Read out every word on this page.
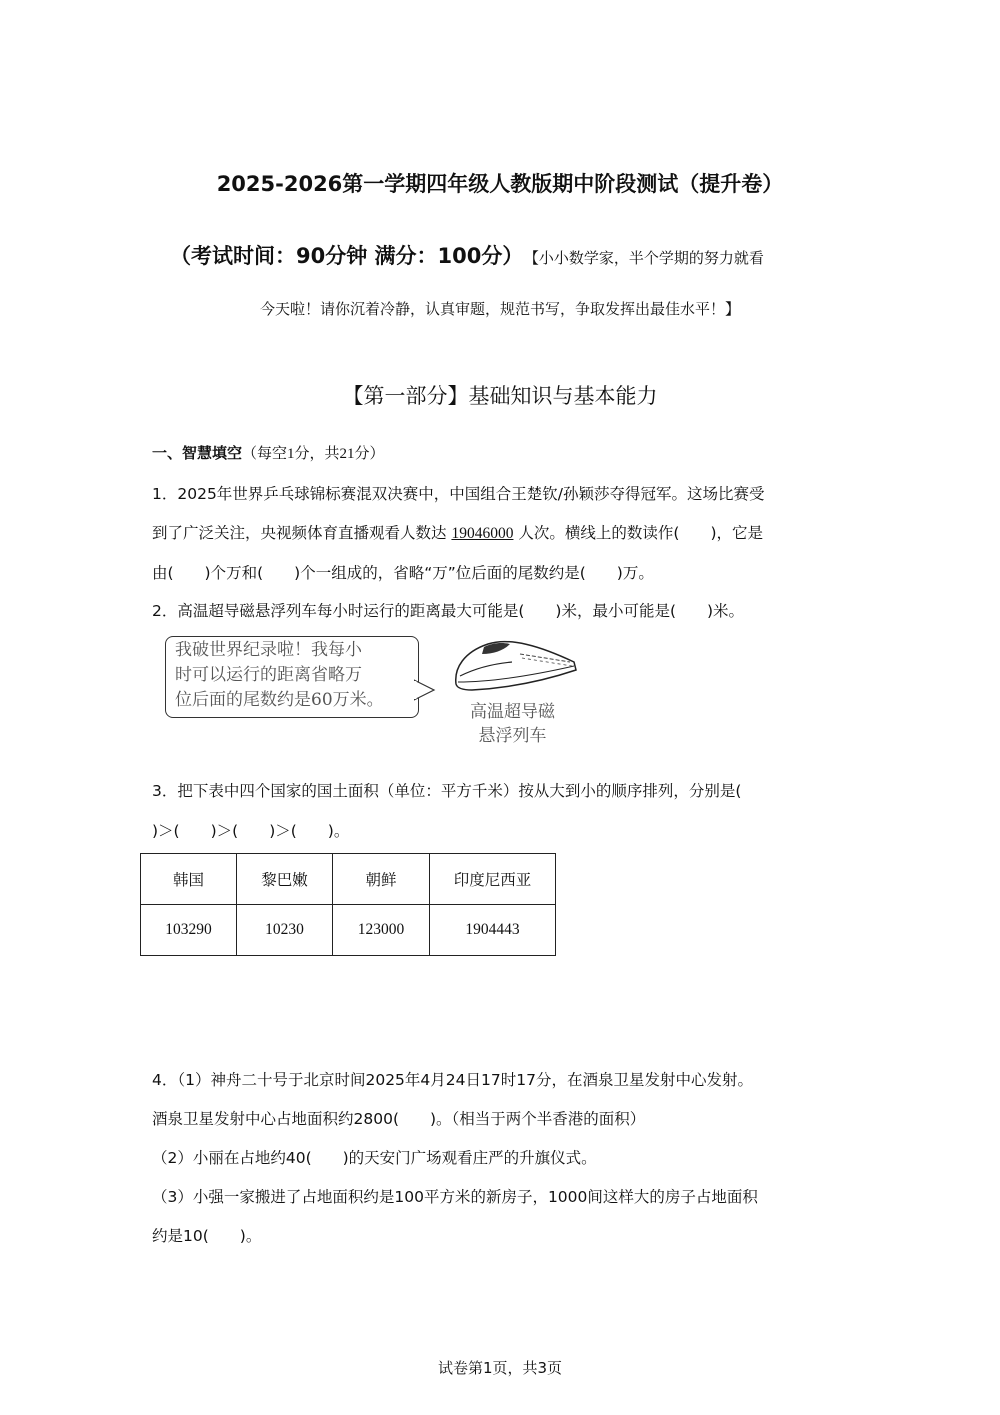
2025-2026第一学期四年级人教版期中阶段测试（提升卷）
（考试时间：90分钟 满分：100分） 【小小数学家，半个学期的努力就看
今天啦！请你沉着冷静，认真审题，规范书写，争取发挥出最佳水平！】
【第一部分】基础知识与基本能力
一、智慧填空（每空1分，共21分）
1．2025年世界乒乓球锦标赛混双决赛中，中国组合王楚钦/孙颖莎夺得冠军。这场比赛受
到了广泛关注，央视频体育直播观看人数达 19046000 人次。横线上的数读作(　　)，它是
由(　　)个万和(　　)个一组成的，省略“万”位后面的尾数约是(　　)万。
2．高温超导磁悬浮列车每小时运行的距离最大可能是(　　)米，最小可能是(　　)米。
我破世界纪录啦！我每小
时可以运行的距离省略万
位后面的尾数约是60万米。
高温超导磁
悬浮列车
3．把下表中四个国家的国土面积（单位：平方千米）按从大到小的顺序排列，分别是(
)＞(　　)＞(　　)＞(　　)。
韩国	黎巴嫩	朝鲜	印度尼西亚
103290	10230	123000	1904443
4．（1）神舟二十号于北京时间2025年4月24日17时17分，在酒泉卫星发射中心发射。
酒泉卫星发射中心占地面积约2800(　　)。（相当于两个半香港的面积）
（2）小丽在占地约40(　　)的天安门广场观看庄严的升旗仪式。
（3）小强一家搬进了占地面积约是100平方米的新房子，1000间这样大的房子占地面积
约是10(　　)。
试卷第1页，共3页
